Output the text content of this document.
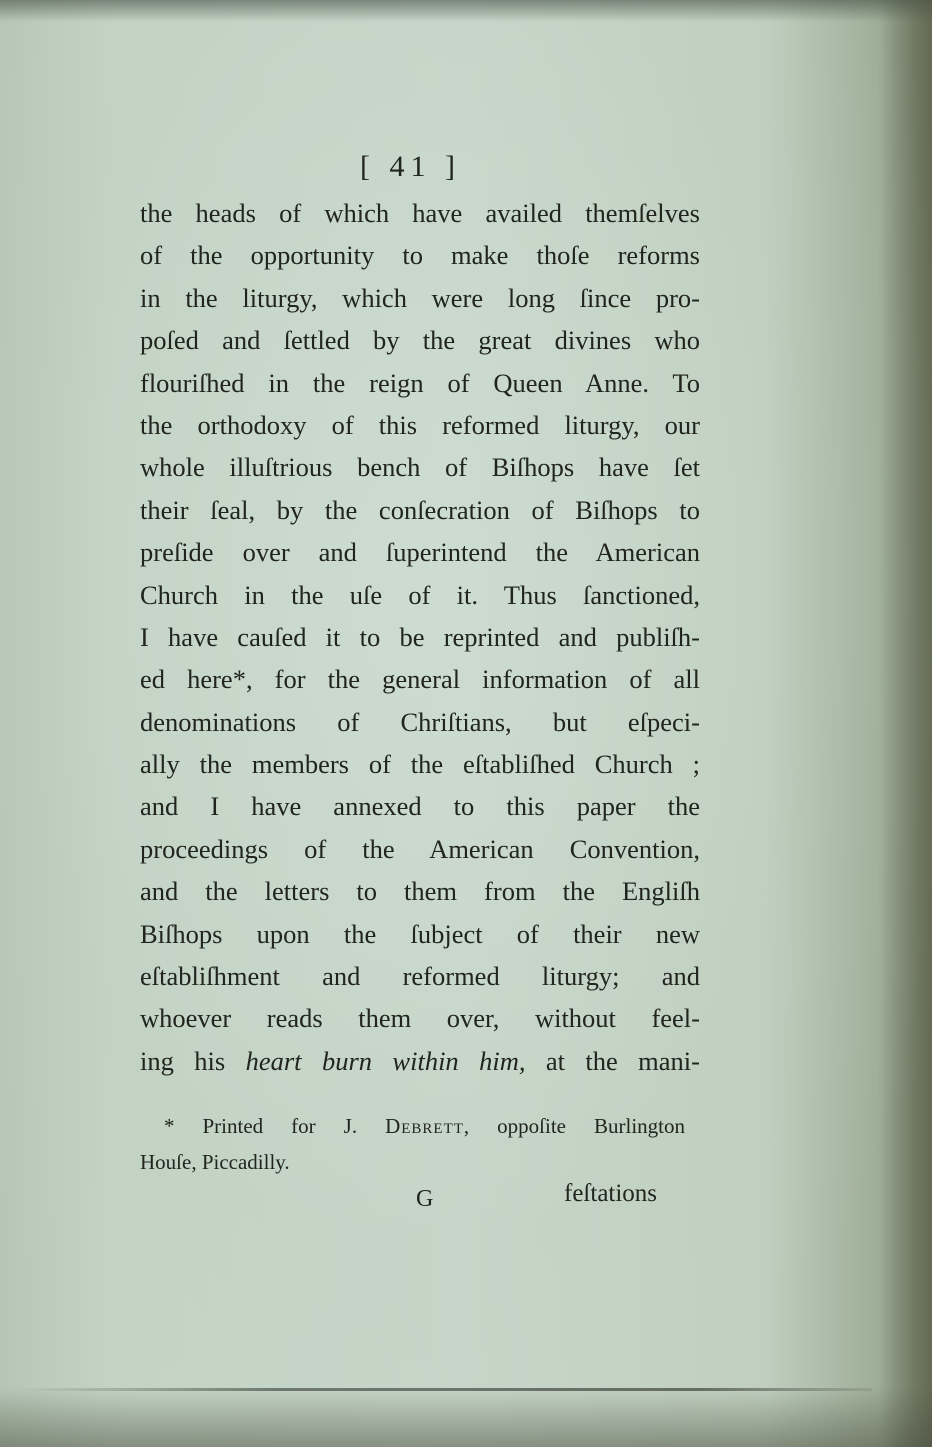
[ 41 ]
the heads of which have availed themſelves
of the opportunity to make thoſe reforms
in the liturgy, which were long ſince pro-
poſed and ſettled by the great divines who
flouriſhed in the reign of Queen Anne. To
the orthodoxy of this reformed liturgy, our
whole illuſtrious bench of Biſhops have ſet
their ſeal, by the conſecration of Biſhops to
preſide over and ſuperintend the American
Church in the uſe of it. Thus ſanctioned,
I have cauſed it to be reprinted and publiſh-
ed here*, for the general information of all
denominations of Chriſtians, but eſpeci-
ally the members of the eſtabliſhed Church ;
and I have annexed to this paper the
proceedings of the American Convention,
and the letters to them from the Engliſh
Biſhops upon the ſubject of their new
eſtabliſhment and reformed liturgy; and
whoever reads them over, without feel-
ing his heart burn within him, at the mani-
* Printed for J. Debrett, oppoſite Burlington
Houſe, Piccadilly.
G	feſtations
